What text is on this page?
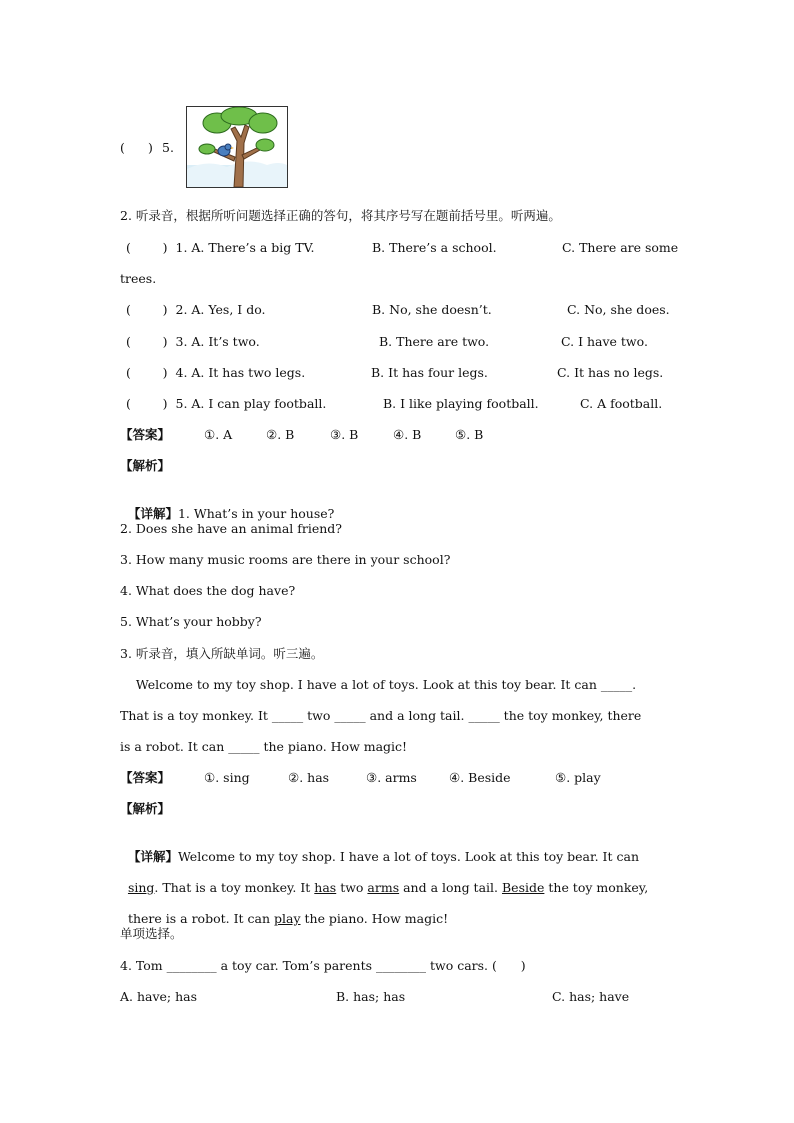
( ) 5.
2. 听录音，根据所听问题选择正确的答句，将其序号写在题前括号里。听两遍。
(        )  1. A. There’s a big TV.	B. There’s a school.	C. There are some
trees.
(        )  2. A. Yes, I do.	B. No, she doesn’t.	C. No, she does.
(        )  3. A. It’s two.	B. There are two.	C. I have two.
(        )  4. A. It has two legs.	B. It has four legs.	C. It has no legs.
(        )  5. A. I can play football.	B. I like playing football.	C. A football.
【答案】	①. A	②. B	③. B	④. B	⑤. B
【解析】

【详解】1. What’s in your house?

2. Does she have an animal friend?
3. How many music rooms are there in your school?
4. What does the dog have?
5. What’s your hobby?
3. 听录音，填入所缺单词。听三遍。
Welcome to my toy shop. I have a lot of toys. Look at this toy bear. It can _____.
That is a toy monkey. It _____ two _____ and a long tail. _____ the toy monkey, there
is a robot. It can _____ the piano. How magic!
【答案】	①. sing	②. has	③. arms	④. Beside	⑤. play
【解析】

【详解】Welcome to my toy shop. I have a lot of toys. Look at this toy bear. It can

sing. That is a toy monkey. It has two arms and a long tail. Beside the toy monkey,

there is a robot. It can play the piano. How magic!

单项选择。
4. Tom ________ a toy car. Tom’s parents ________ two cars. (      )
A. have; has	B. has; has	C. has; have
